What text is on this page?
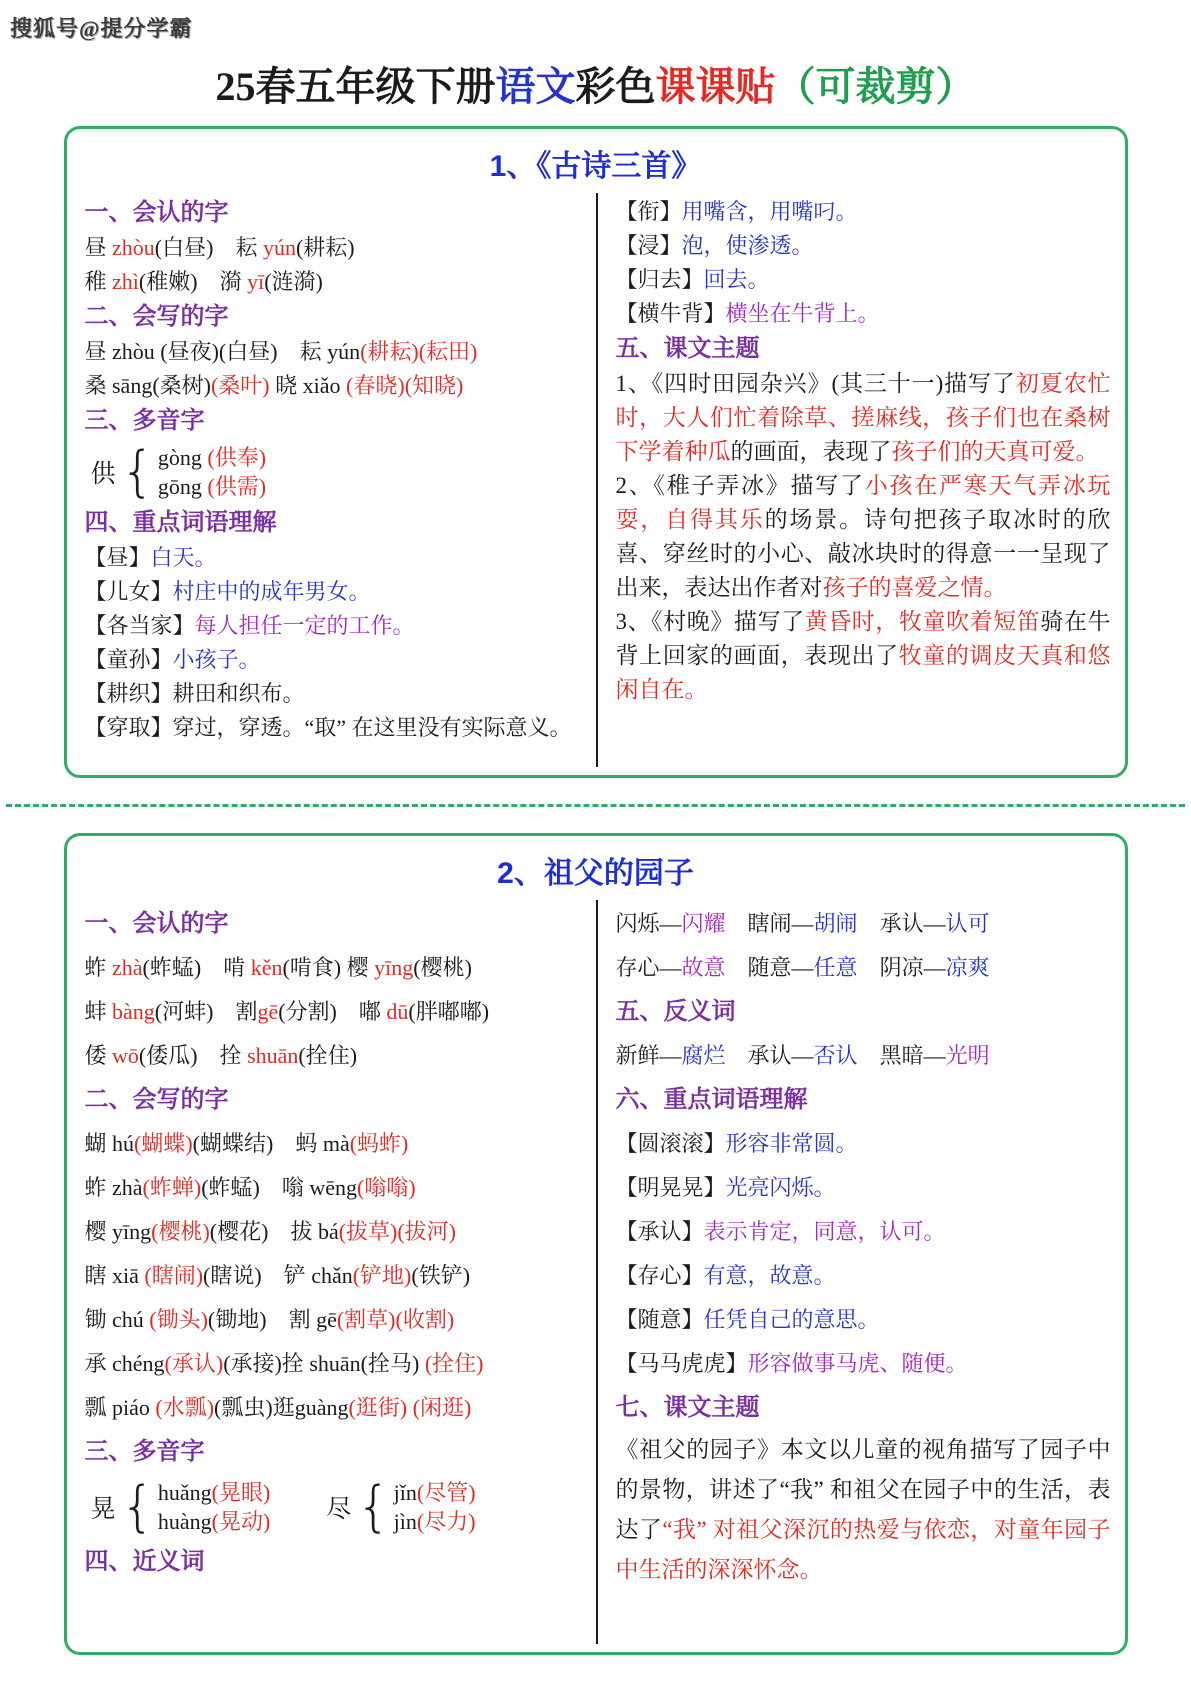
搜狐号@提分学霸
25春五年级下册语文彩色课课贴（可裁剪）
1、《古诗三首》
一、会认的字
昼 zhòu(白昼)　耘 yún(耕耘)
稚 zhì(稚嫩)　漪 yī(涟漪)
二、会写的字
昼 zhòu (昼夜)(白昼)　耘 yún(耕耘)(耘田)
桑 sāng(桑树)(桑叶) 晓 xiǎo (春晓)(知晓)
三、多音字
供 { gòng (供奉)
gōng (供需)
四、重点词语理解
【昼】白天。
【儿女】村庄中的成年男女。
【各当家】每人担任一定的工作。
【童孙】小孩子。
【耕织】耕田和织布。
【穿取】穿过，穿透。“取” 在这里没有实际意义。
【衔】用嘴含，用嘴叼。
【浸】泡，使渗透。
【归去】回去。
【横牛背】横坐在牛背上。
五、课文主题
1、《四时田园杂兴》(其三十一)描写了初夏农忙时，大人们忙着除草、搓麻线，孩子们也在桑树下学着种瓜的画面，表现了孩子们的天真可爱。
2、《稚子弄冰》描写了小孩在严寒天气弄冰玩耍，自得其乐的场景。诗句把孩子取冰时的欣喜、穿丝时的小心、敲冰块时的得意一一呈现了出来，表达出作者对孩子的喜爱之情。
3、《村晚》描写了黄昏时，牧童吹着短笛骑在牛背上回家的画面，表现出了牧童的调皮天真和悠闲自在。
2、祖父的园子
一、会认的字
蚱 zhà(蚱蜢)　啃 kěn(啃食) 樱 yīng(樱桃)
蚌 bàng(河蚌)　割gē(分割)　嘟 dū(胖嘟嘟)
倭 wō(倭瓜)　拴 shuān(拴住)
二、会写的字
蝴 hú(蝴蝶)(蝴蝶结)　蚂 mà(蚂蚱)
蚱 zhà(蚱蝉)(蚱蜢)　嗡 wēng(嗡嗡)
樱 yīng(樱桃)(樱花)　拔 bá(拔草)(拔河)
瞎 xiā (瞎闹)(瞎说)　铲 chǎn(铲地)(铁铲)
锄 chú (锄头)(锄地)　割 gē(割草)(收割)
承 chéng(承认)(承接)拴 shuān(拴马) (拴住)
瓢 piáo (水瓢)(瓢虫)逛guàng(逛街) (闲逛)
三、多音字
晃 { huǎng(晃眼)
huàng(晃动) 尽 { jǐn(尽管)
jìn(尽力)
四、近义词
闪烁—闪耀　瞎闹—胡闹　承认—认可
存心—故意　随意—任意　阴凉—凉爽
五、反义词
新鲜—腐烂　承认—否认　黑暗—光明
六、重点词语理解
【圆滚滚】形容非常圆。
【明晃晃】光亮闪烁。
【承认】表示肯定，同意，认可。
【存心】有意，故意。
【随意】任凭自己的意思。
【马马虎虎】形容做事马虎、随便。
七、课文主题
《祖父的园子》本文以儿童的视角描写了园子中的景物，讲述了“我” 和祖父在园子中的生活，表达了“我” 对祖父深沉的热爱与依恋，对童年园子中生活的深深怀念。
